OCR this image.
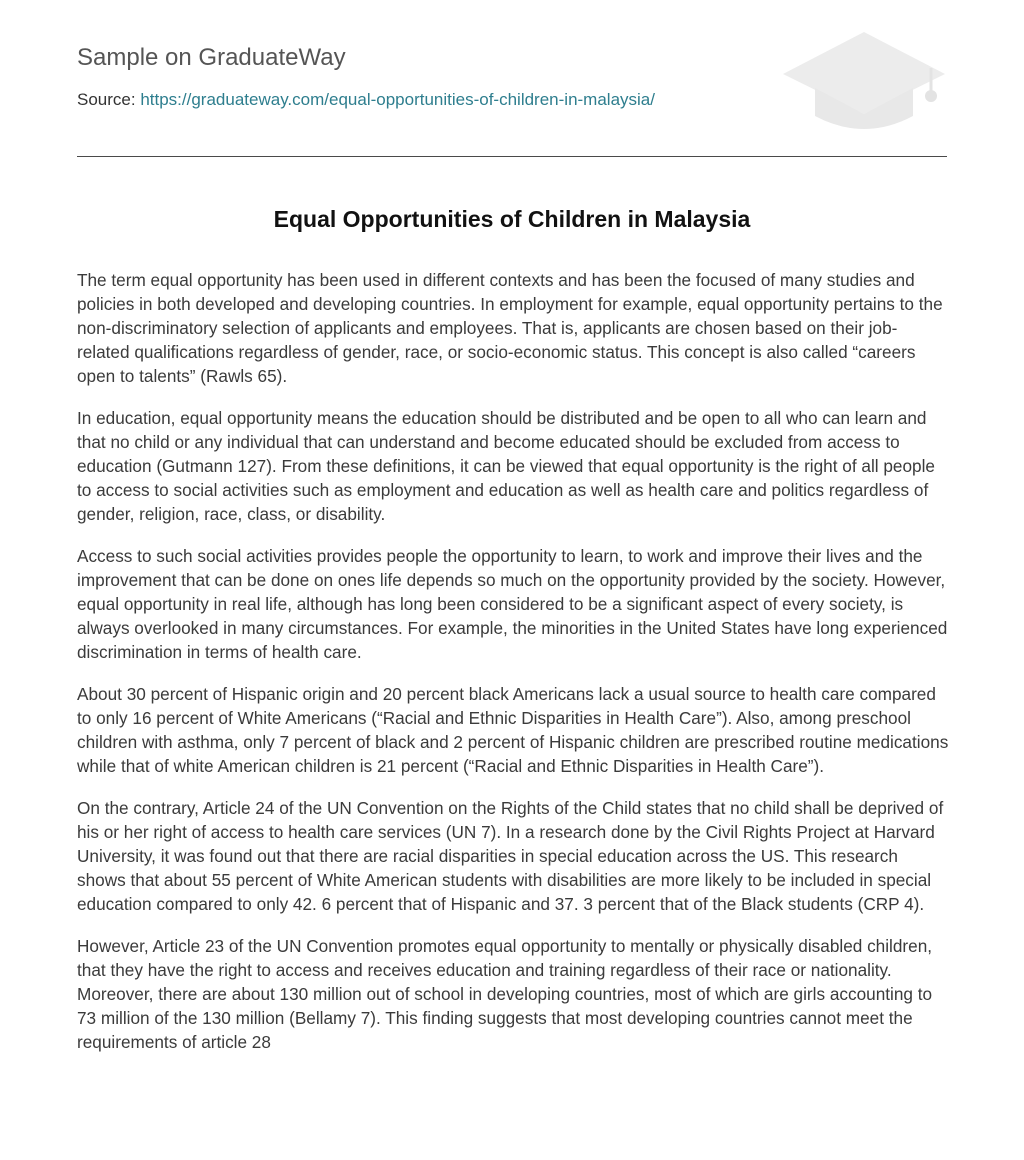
Sample on GraduateWay
Source: https://graduateway.com/equal-opportunities-of-children-in-malaysia/
Equal Opportunities of Children in Malaysia

The term equal opportunity has been used in different contexts and has been the focused of many studies and policies in both developed and developing countries. In employment for example, equal opportunity pertains to the non-discriminatory selection of applicants and employees. That is, applicants are chosen based on their job-related qualifications regardless of gender, race, or socio-economic status. This concept is also called “careers open to talents” (Rawls 65).

In education, equal opportunity means the education should be distributed and be open to all who can learn and that no child or any individual that can understand and become educated should be excluded from access to education (Gutmann 127). From these definitions, it can be viewed that equal opportunity is the right of all people to access to social activities such as employment and education as well as health care and politics regardless of gender, religion, race, class, or disability.

Access to such social activities provides people the opportunity to learn, to work and improve their lives and the improvement that can be done on ones life depends so much on the opportunity provided by the society. However, equal opportunity in real life, although has long been considered to be a significant aspect of every society, is always overlooked in many circumstances. For example, the minorities in the United States have long experienced discrimination in terms of health care.

About 30 percent of Hispanic origin and 20 percent black Americans lack a usual source to health care compared to only 16 percent of White Americans (“Racial and Ethnic Disparities in Health Care”). Also, among preschool children with asthma, only 7 percent of black and 2 percent of Hispanic children are prescribed routine medications while that of white American children is 21 percent (“Racial and Ethnic Disparities in Health Care”).

On the contrary, Article 24 of the UN Convention on the Rights of the Child states that no child shall be deprived of his or her right of access to health care services (UN 7). In a research done by the Civil Rights Project at Harvard University, it was found out that there are racial disparities in special education across the US. This research shows that about 55 percent of White American students with disabilities are more likely to be included in special education compared to only 42. 6 percent that of Hispanic and 37. 3 percent that of the Black students (CRP 4).

However, Article 23 of the UN Convention promotes equal opportunity to mentally or physically disabled children, that they have the right to access and receives education and training regardless of their race or nationality. Moreover, there are about 130 million out of school in developing countries, most of which are girls accounting to 73 million of the 130 million (Bellamy 7). This finding suggests that most developing countries cannot meet the requirements of article 28
